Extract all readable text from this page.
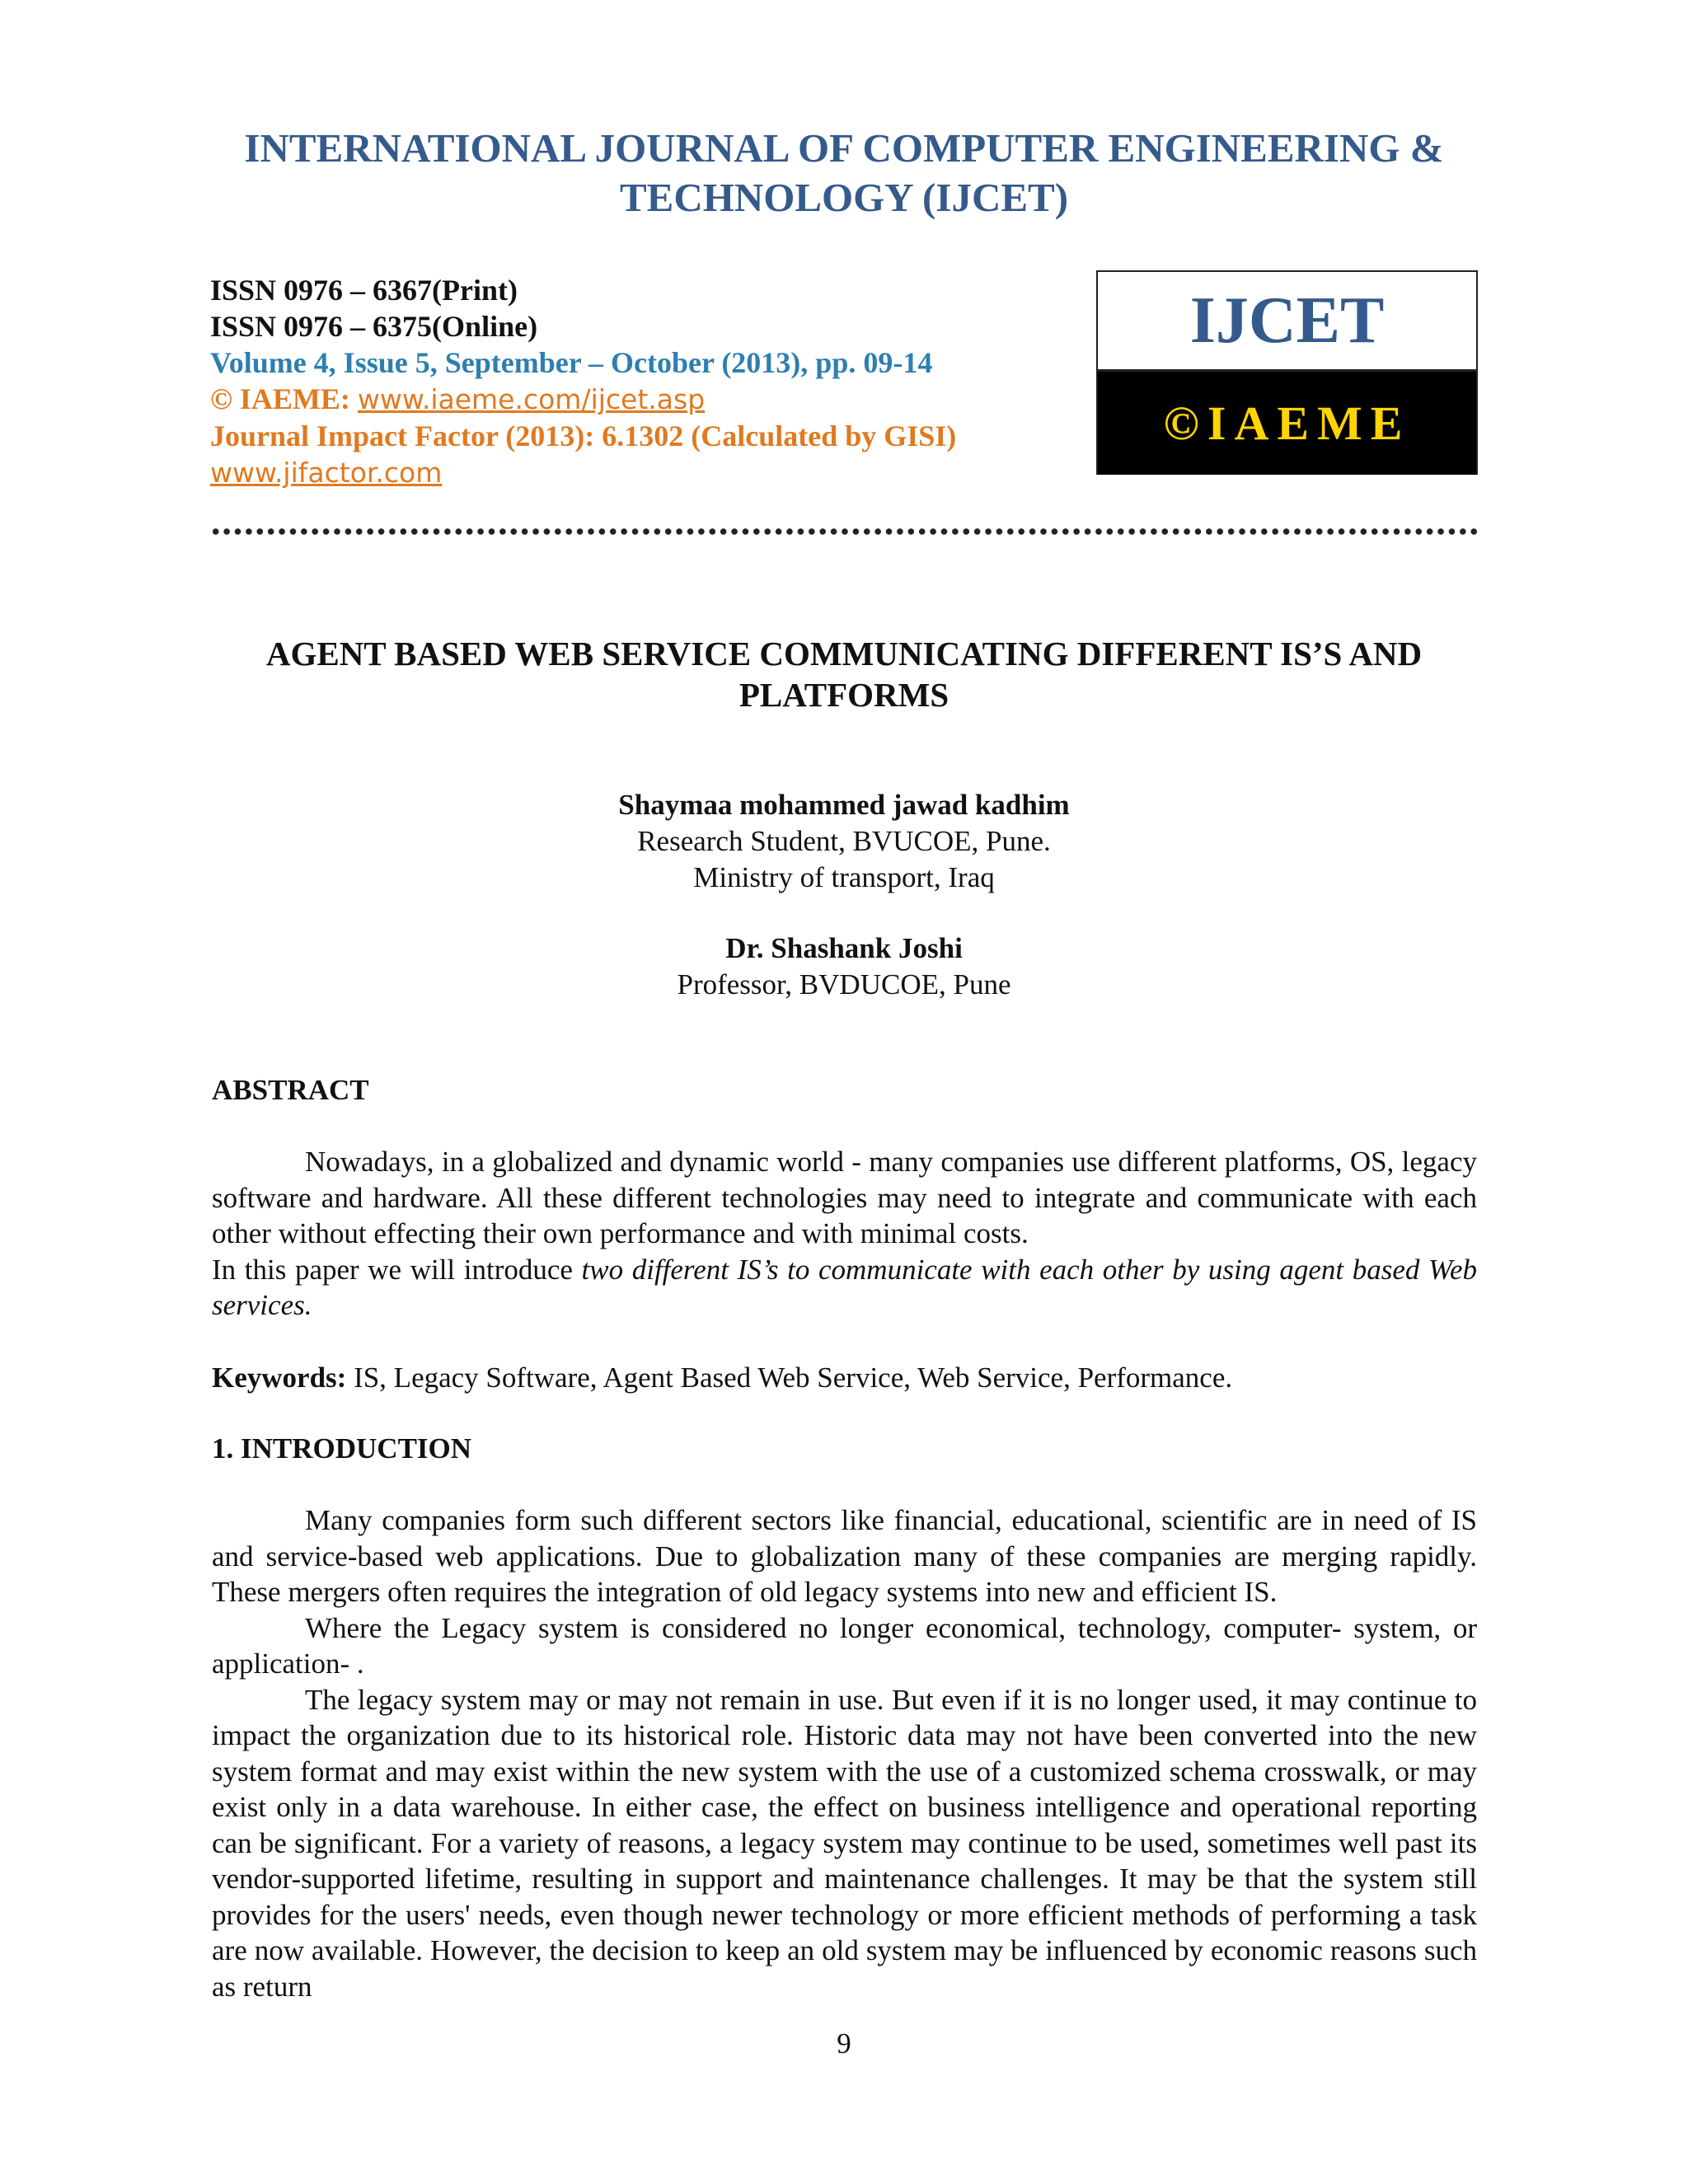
INTERNATIONAL JOURNAL OF COMPUTER ENGINEERING &
TECHNOLOGY (IJCET)
ISSN 0976 – 6367(Print)
ISSN 0976 – 6375(Online)
Volume 4, Issue 5, September – October (2013), pp. 09-14
© IAEME: www.iaeme.com/ijcet.asp
Journal Impact Factor (2013): 6.1302 (Calculated by GISI)
www.jifactor.com
IJCET
©IAEME
AGENT BASED WEB SERVICE COMMUNICATING DIFFERENT IS’S AND
PLATFORMS
Shaymaa mohammed jawad kadhim
Research Student, BVUCOE, Pune.
Ministry of transport, Iraq
Dr. Shashank Joshi
Professor, BVDUCOE, Pune
ABSTRACT

Nowadays, in a globalized and dynamic world - many companies use different platforms, OS, legacy software and hardware. All these different technologies may need to integrate and communicate with each other without effecting their own performance and with minimal costs.

In this paper we will introduce two different IS’s to communicate with each other by using agent based Web services.

Keywords: IS, Legacy Software, Agent Based Web Service, Web Service, Performance.
1. INTRODUCTION

Many companies form such different sectors like financial, educational, scientific are in need of IS and service-based web applications. Due to globalization many of these companies are merging rapidly. These mergers often requires the integration of old legacy systems into new and efficient IS.

Where the Legacy system is considered no longer economical, technology, computer- system, or application- .

The legacy system may or may not remain in use. But even if it is no longer used, it may continue to impact the organization due to its historical role. Historic data may not have been converted into the new system format and may exist within the new system with the use of a customized schema crosswalk, or may exist only in a data warehouse. In either case, the effect on business intelligence and operational reporting can be significant. For a variety of reasons, a legacy system may continue to be used, sometimes well past its vendor-supported lifetime, resulting in support and maintenance challenges. It may be that the system still provides for the users' needs, even though newer technology or more efficient methods of performing a task are now available. However, the decision to keep an old system may be influenced by economic reasons such as return

9
